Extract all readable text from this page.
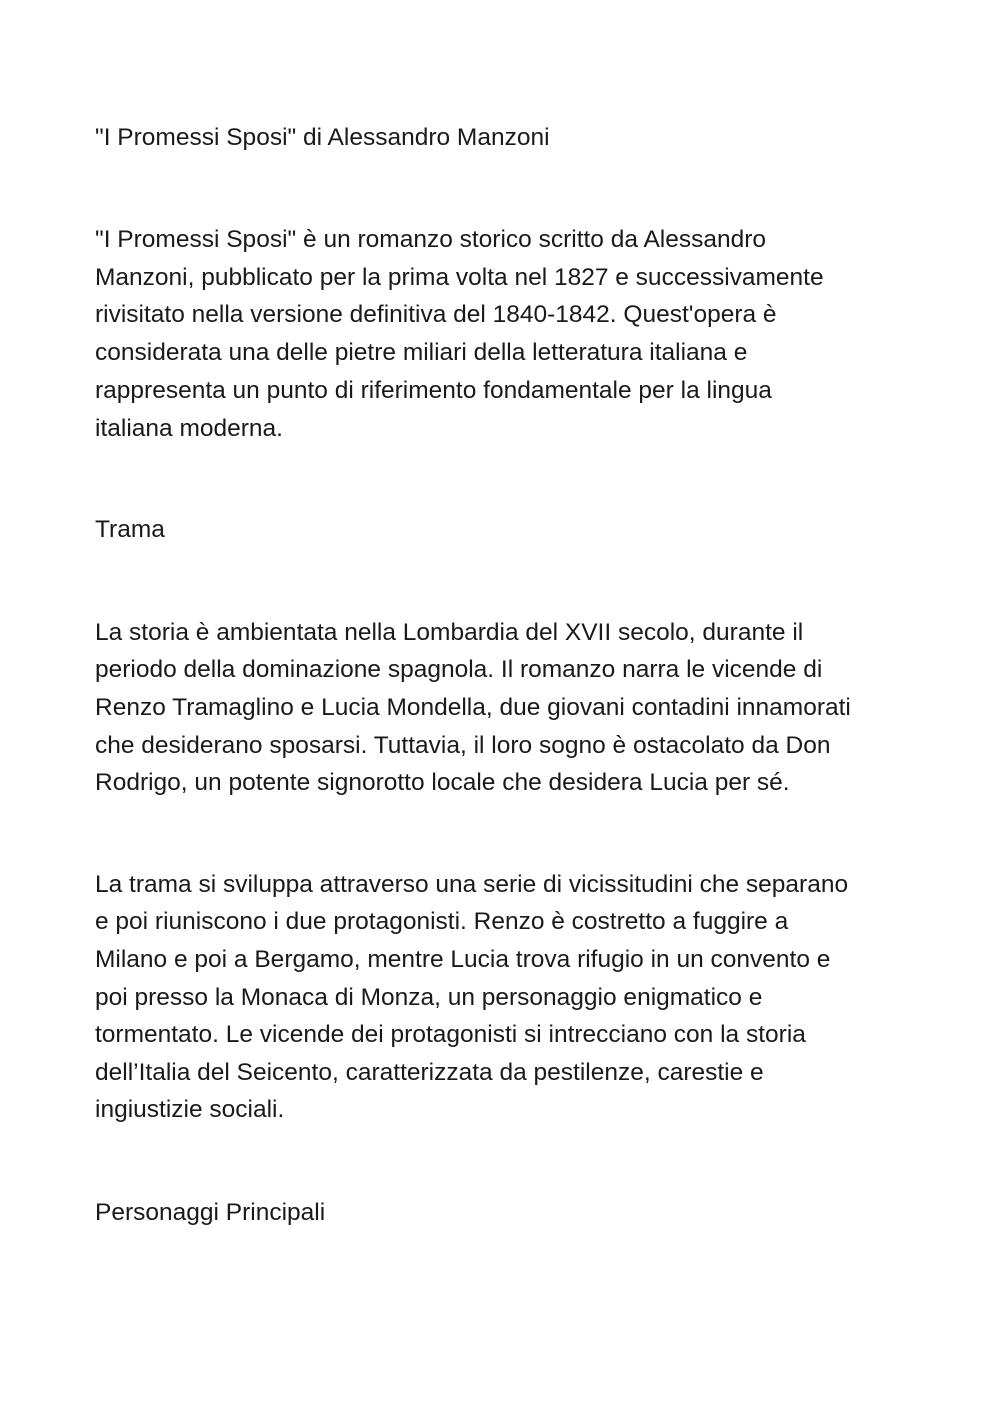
"I Promessi Sposi" di Alessandro Manzoni
"I Promessi Sposi" è un romanzo storico scritto da Alessandro
Manzoni, pubblicato per la prima volta nel 1827 e successivamente
rivisitato nella versione definitiva del 1840-1842. Quest'opera è
considerata una delle pietre miliari della letteratura italiana e
rappresenta un punto di riferimento fondamentale per la lingua
italiana moderna.
Trama
La storia è ambientata nella Lombardia del XVII secolo, durante il
periodo della dominazione spagnola. Il romanzo narra le vicende di
Renzo Tramaglino e Lucia Mondella, due giovani contadini innamorati
che desiderano sposarsi. Tuttavia, il loro sogno è ostacolato da Don
Rodrigo, un potente signorotto locale che desidera Lucia per sé.
La trama si sviluppa attraverso una serie di vicissitudini che separano
e poi riuniscono i due protagonisti. Renzo è costretto a fuggire a
Milano e poi a Bergamo, mentre Lucia trova rifugio in un convento e
poi presso la Monaca di Monza, un personaggio enigmatico e
tormentato. Le vicende dei protagonisti si intrecciano con la storia
dell’Italia del Seicento, caratterizzata da pestilenze, carestie e
ingiustizie sociali.
Personaggi Principali
